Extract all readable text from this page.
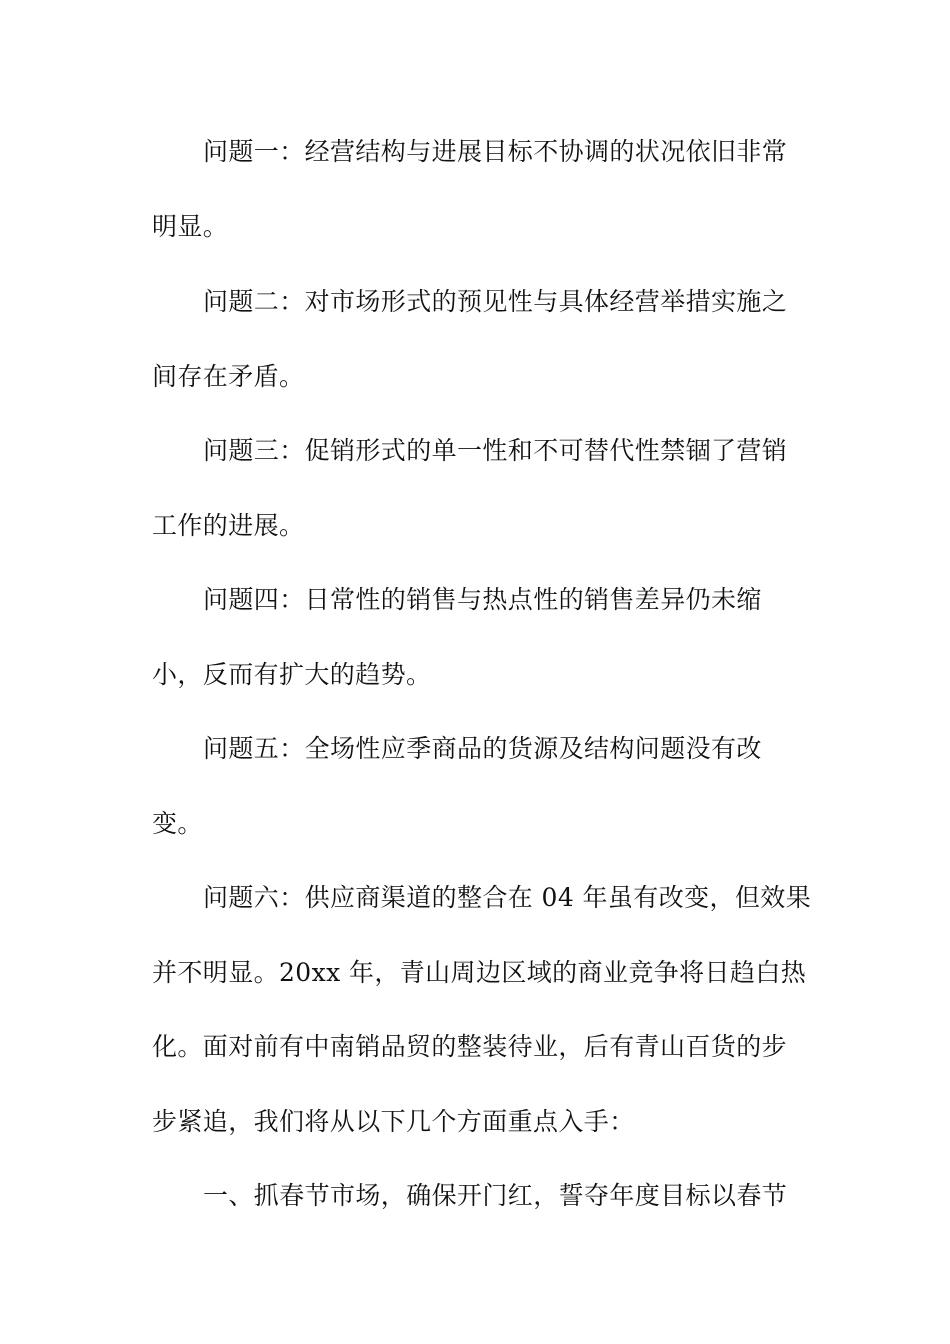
问题一：经营结构与进展目标不协调的状况依旧非常
明显。
问题二：对市场形式的预见性与具体经营举措实施之
间存在矛盾。
问题三：促销形式的单一性和不可替代性禁锢了营销
工作的进展。
问题四：日常性的销售与热点性的销售差异仍未缩
小，反而有扩大的趋势。
问题五：全场性应季商品的货源及结构问题没有改
变。
问题六：供应商渠道的整合在 04 年虽有改变，但效果
并不明显。20xx 年，青山周边区域的商业竞争将日趋白热
化。面对前有中南销品贸的整装待业，后有青山百货的步
步紧追，我们将从以下几个方面重点入手：
一、抓春节市场，确保开门红，誓夺年度目标以春节
